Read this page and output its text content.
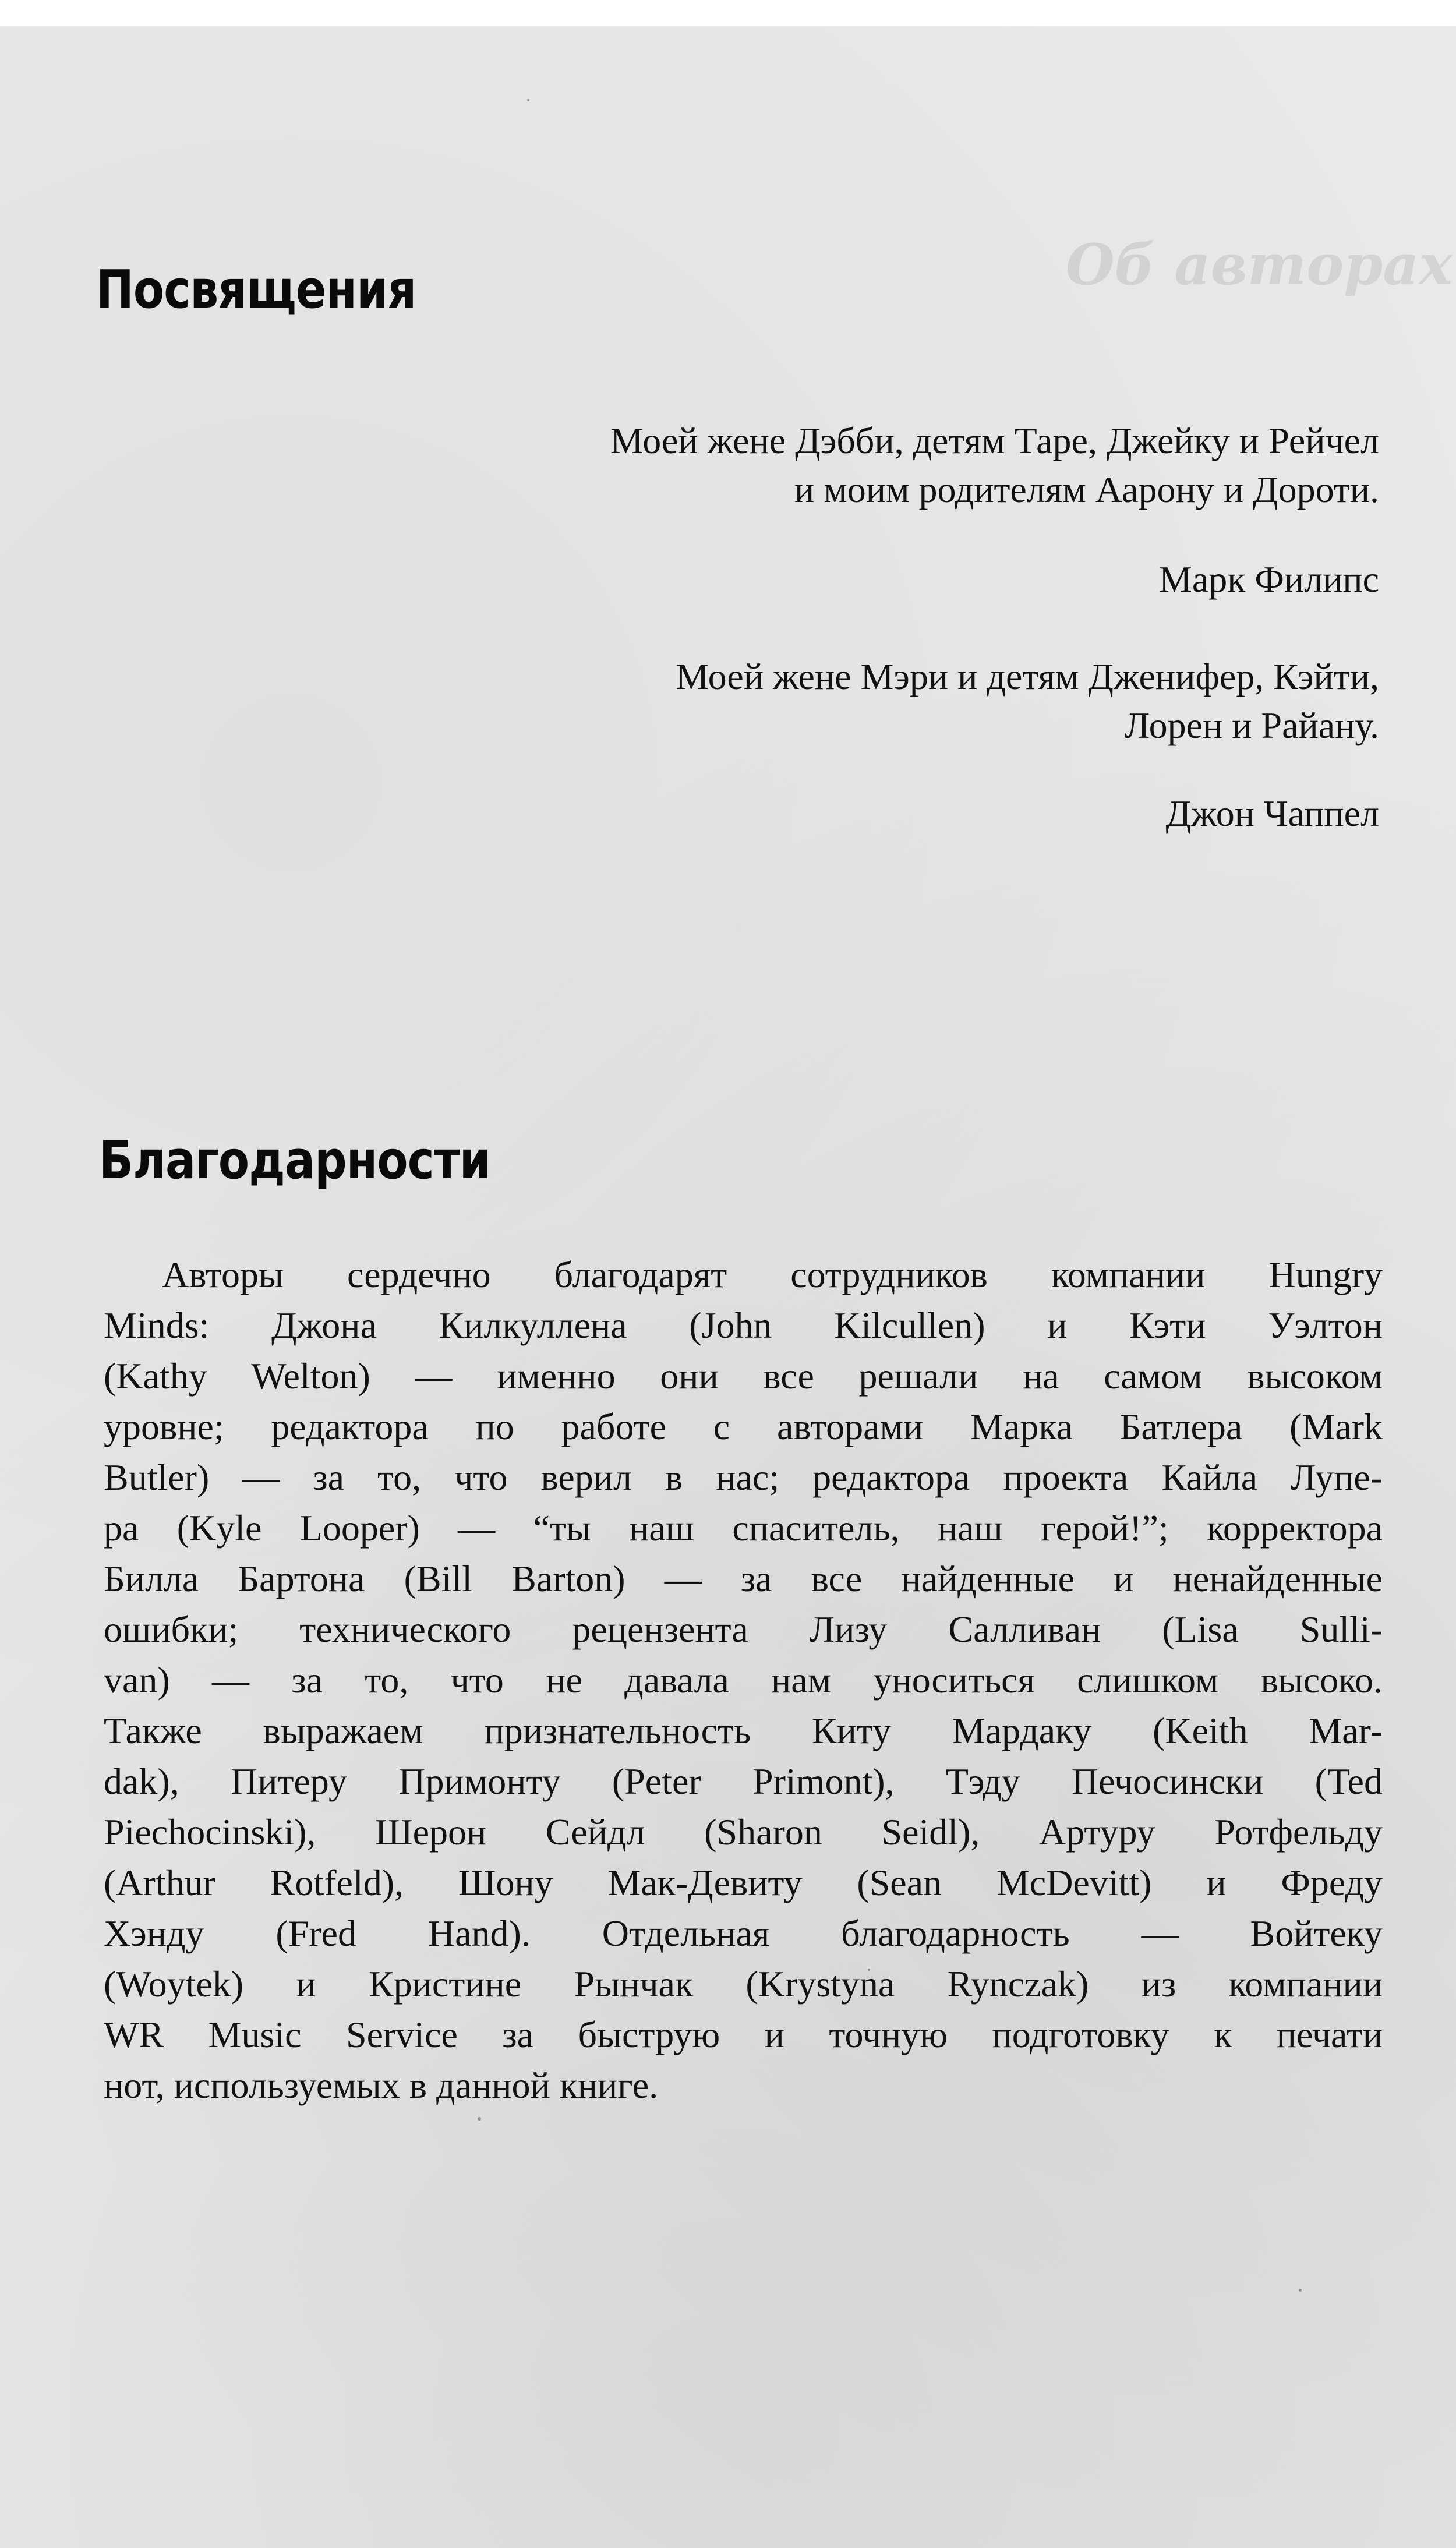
Об авторах
Посвящения

Моей жене Дэбби, детям Таре, Джейку и Рейчел

и моим родителям Аарону и Дороти.

Марк Филипс

Моей жене Мэри и детям Дженифер, Кэйти,

Лорен и Райану.

Джон Чаппел

Благодарности
Авторы сердечно благодарят сотрудников компании Hungry
Minds: Джона Килкуллена (John Kilcullen) и Кэти Уэлтон
(Kathy Welton) — именно они все решали на самом высоком
уровне; редактора по работе с авторами Марка Батлера (Mark
Butler) — за то, что верил в нас; редактора проекта Кайла Лупе-
ра (Kyle Looper) — “ты наш спаситель, наш герой!”; корректора
Билла Бартона (Bill Barton) — за все найденные и ненайденные
ошибки; технического рецензента Лизу Салливан (Lisa Sulli-
van) — за то, что не давала нам уноситься слишком высоко.
Также выражаем признательность Киту Мардаку (Keith Mar-
dak), Питеру Примонту (Peter Primont), Тэду Печосински (Ted
Piechocinski), Шерон Сейдл (Sharon Seidl), Артуру Ротфельду
(Arthur Rotfeld), Шону Мак-Девиту (Sean McDevitt) и Фреду
Хэнду (Fred Hand). Отдельная благодарность — Войтеку
(Woytek) и Кристине Рынчак (Krystyna Rynczak) из компании
WR Music Service за быструю и точную подготовку к печати
нот, используемых в данной книге.
